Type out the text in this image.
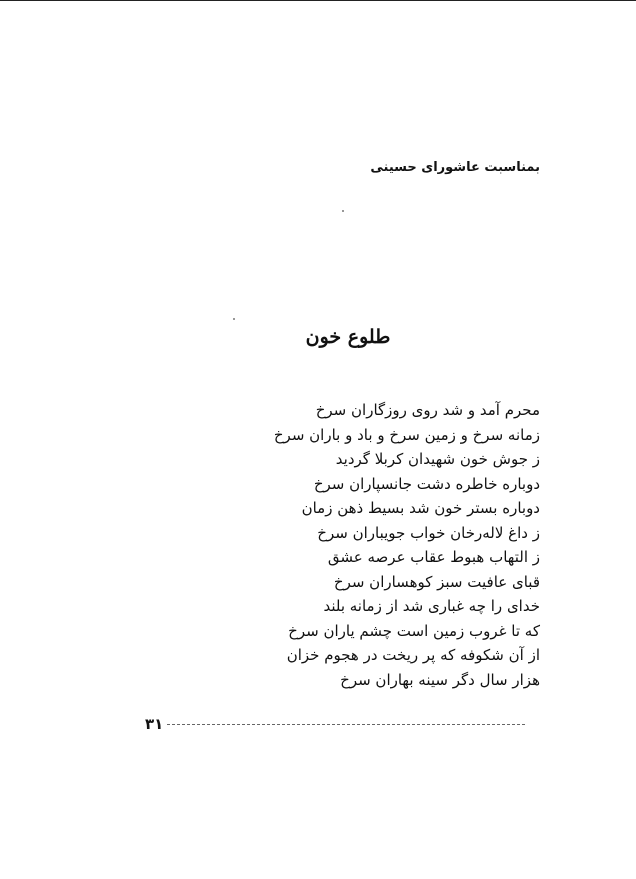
بمناسبت عاشورای حسینی
طلوع خون
محرم آمد و شد روی روزگاران سرخ
زمانه سرخ و زمین سرخ و باد و باران سرخ
ز جوش خون شهیدان کربلا گردید
دوباره خاطره دشت جانسپاران سرخ
دوباره بستر خون شد بسیط ذهن زمان
ز داغ لاله‌رخان خواب جویباران سرخ
ز التهاب هبوط عقاب عرصه عشق
قبای عافیت سبز کوهساران سرخ
خدای را چه غباری شد از زمانه بلند
که تا غروب زمین است چشم یاران سرخ
از آن شکوفه که پر ریخت در هجوم خزان
هزار سال دگر سینه بهاران سرخ
۳۱
